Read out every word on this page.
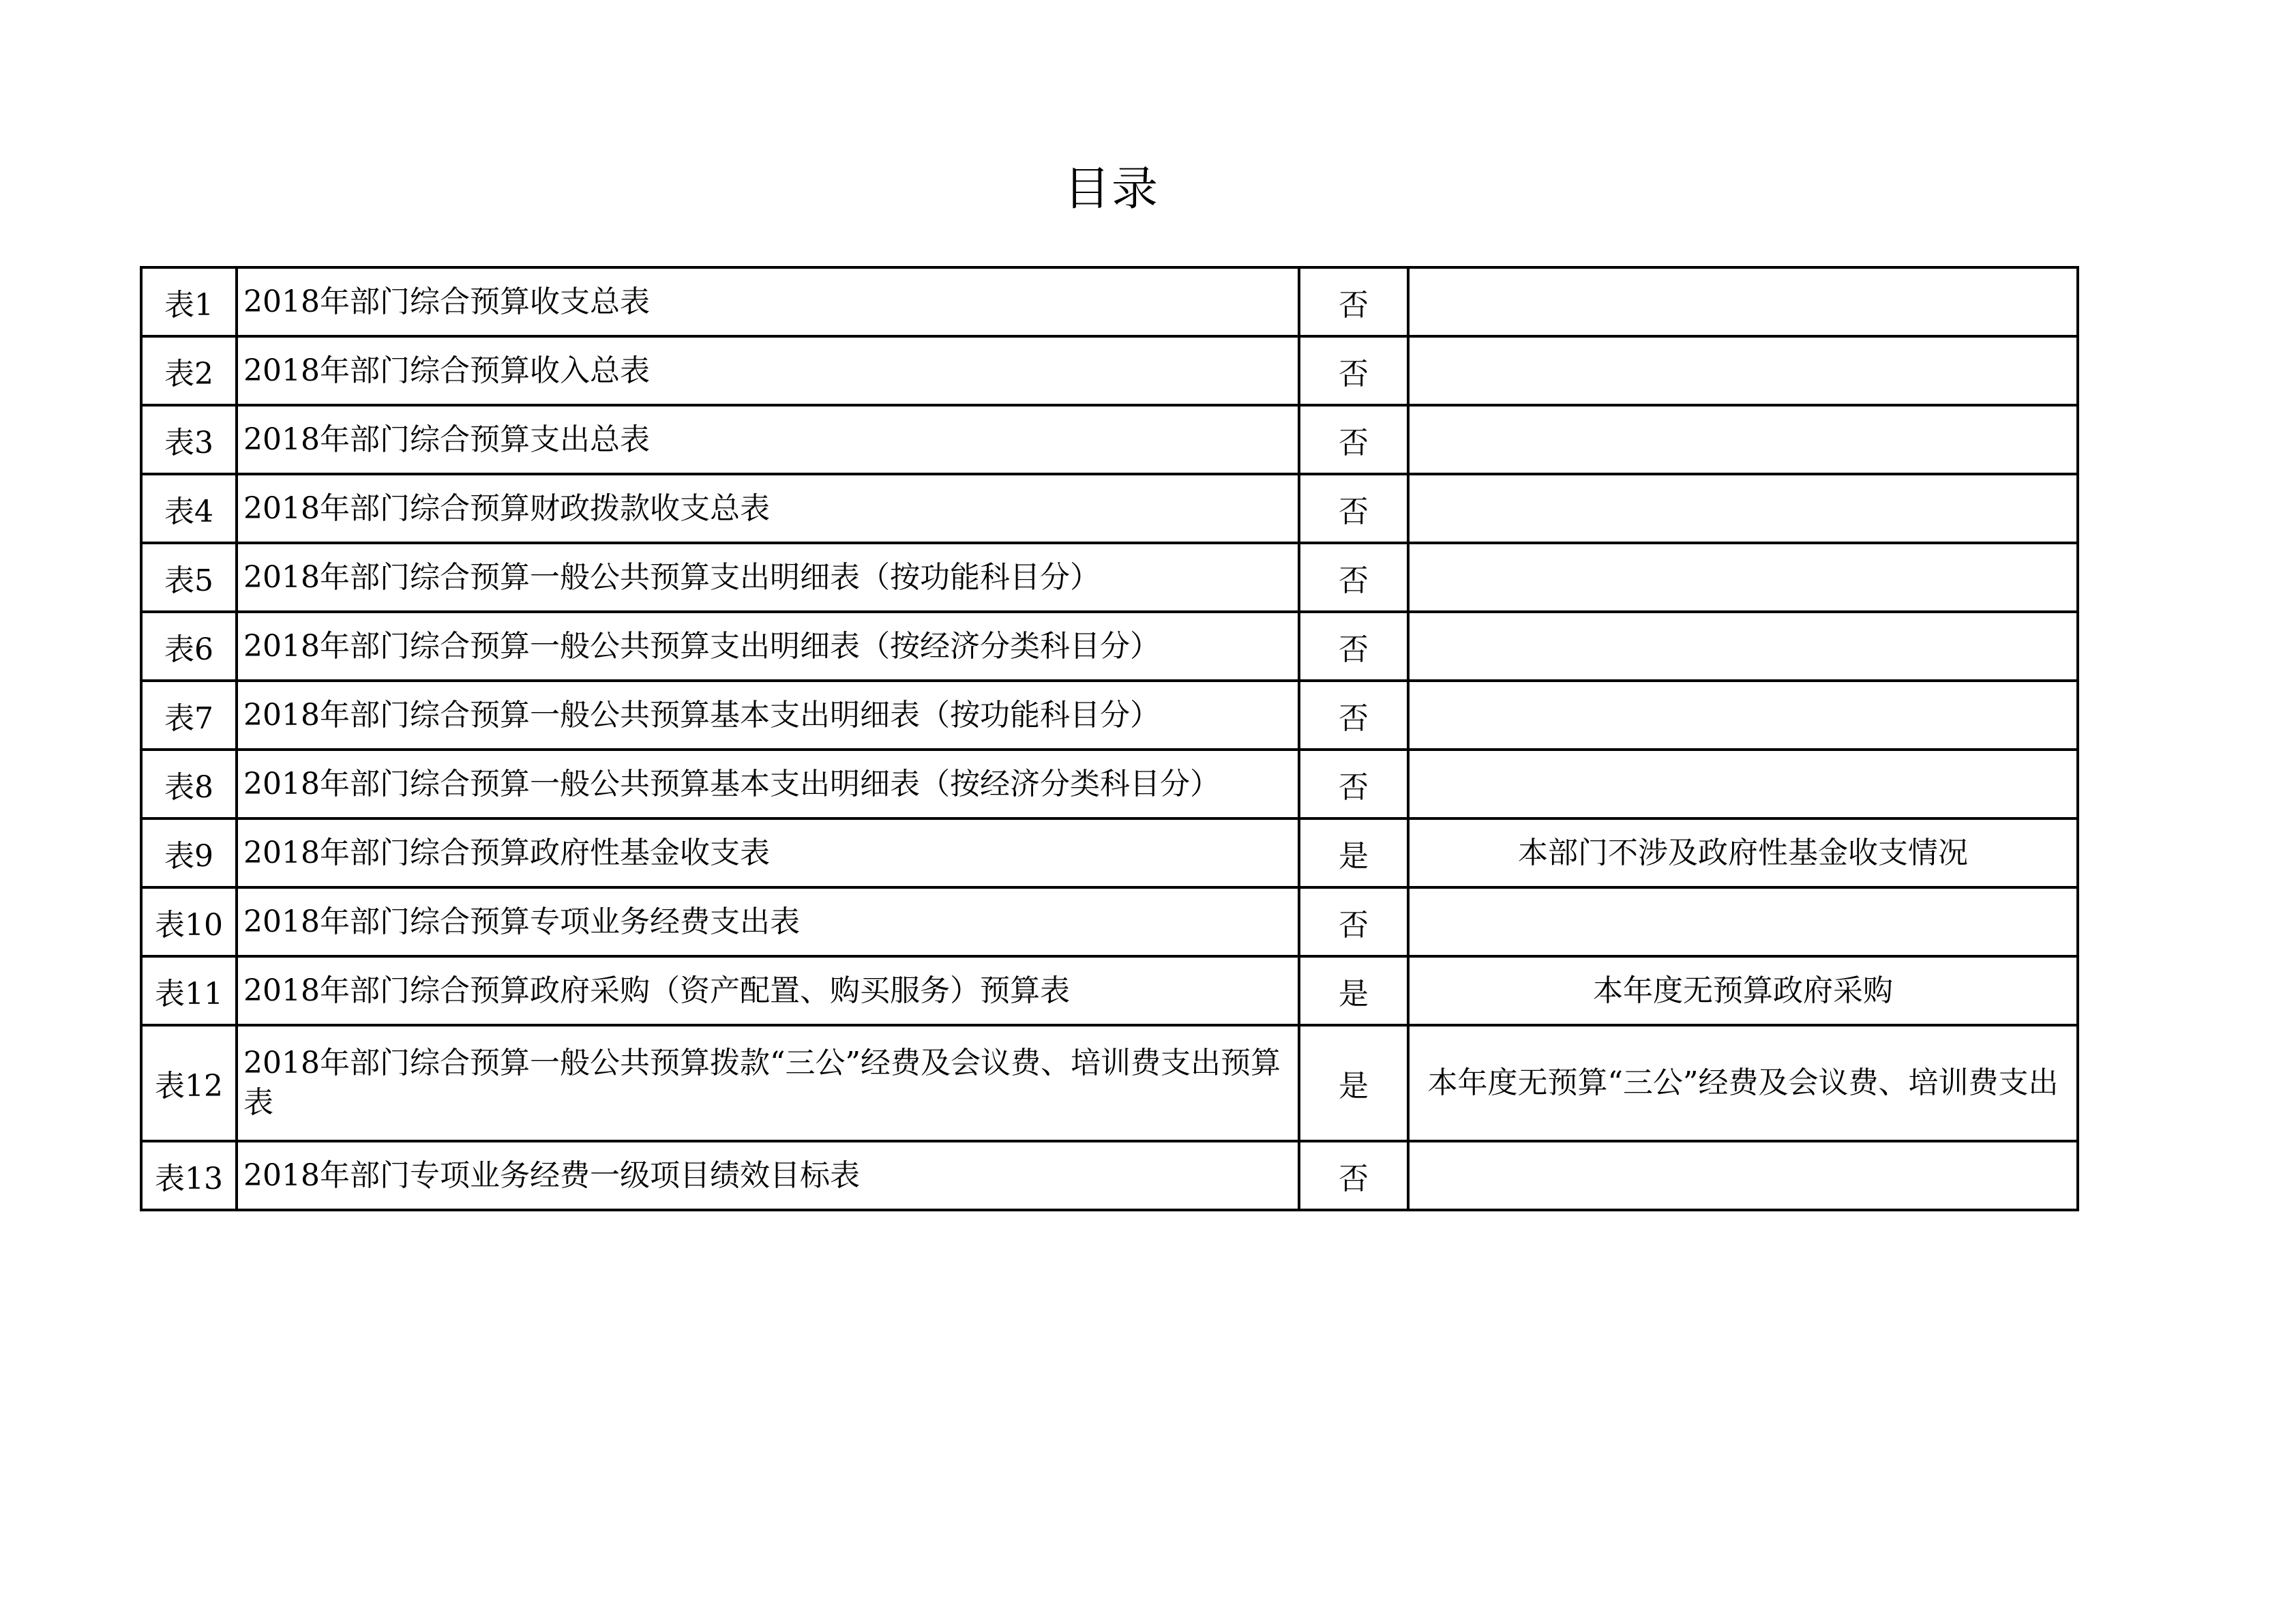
目录
表1	2018年部门综合预算收支总表	否	
表2	2018年部门综合预算收入总表	否	
表3	2018年部门综合预算支出总表	否	
表4	2018年部门综合预算财政拨款收支总表	否	
表5	2018年部门综合预算一般公共预算支出明细表（按功能科目分）	否	
表6	2018年部门综合预算一般公共预算支出明细表（按经济分类科目分）	否	
表7	2018年部门综合预算一般公共预算基本支出明细表（按功能科目分）	否	
表8	2018年部门综合预算一般公共预算基本支出明细表（按经济分类科目分）	否	
表9	2018年部门综合预算政府性基金收支表	是	本部门不涉及政府性基金收支情况
表10	2018年部门综合预算专项业务经费支出表	否	
表11	2018年部门综合预算政府采购（资产配置、购买服务）预算表	是	本年度无预算政府采购
表12	2018年部门综合预算一般公共预算拨款“三公”经费及会议费、培训费支出预算表	是	本年度无预算“三公”经费及会议费、培训费支出
表13	2018年部门专项业务经费一级项目绩效目标表	否	
